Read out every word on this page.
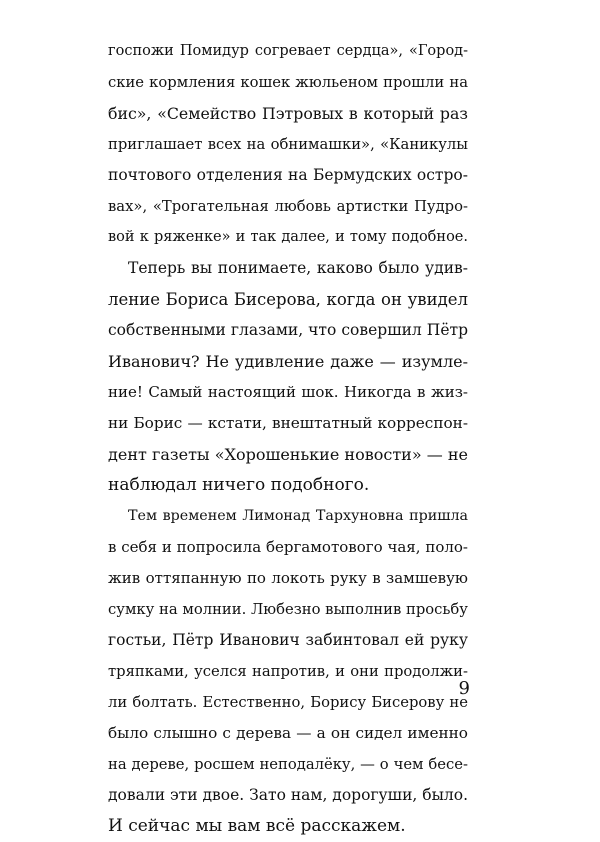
госпожи Помидур согревает сердца», «Город-
ские кормления кошек жюльеном прошли на
бис», «Семейство Пэтровых в который раз
приглашает всех на обнимашки», «Каникулы
почтового отделения на Бермудских остро-
вах», «Трогательная любовь артистки Пудро-
вой к ряженке» и так далее, и тому подобное.
Теперь вы понимаете, каково было удив-
ление Бориса Бисерова, когда он увидел
собственными глазами, что совершил Пётр
Иванович? Не удивление даже — изумле-
ние! Самый настоящий шок. Никогда в жиз-
ни Борис — кстати, внештатный корреспон-
дент газеты «Хорошенькие новости» — не
наблюдал ничего подобного.
Тем временем Лимонад Тархуновна пришла
в себя и попросила бергамотового чая, поло-
жив оттяпанную по локоть руку в замшевую
сумку на молнии. Любезно выполнив просьбу
гостьи, Пётр Иванович забинтовал ей руку
тряпками, уселся напротив, и они продолжи-
ли болтать. Естественно, Борису Бисерову не
было слышно с дерева — а он сидел именно
на дереве, росшем неподалёку, — о чем бесе-
довали эти двое. Зато нам, дорогуши, было.
И сейчас мы вам всё расскажем.
9
